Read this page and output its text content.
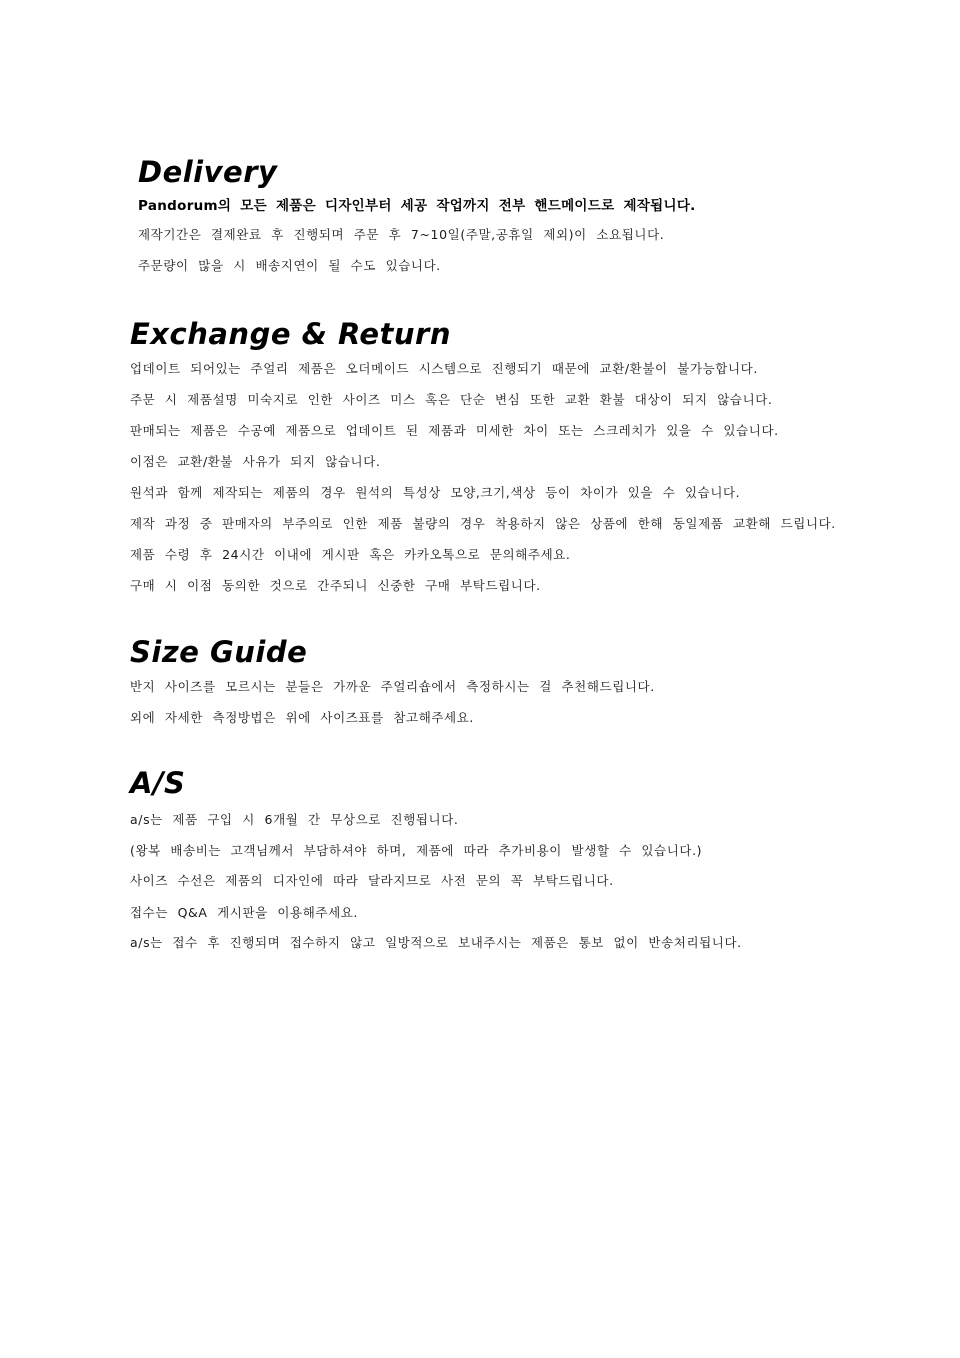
Delivery

Pandorum의 모든 제품은 디자인부터 세공 작업까지 전부 핸드메이드로 제작됩니다.

제작기간은 결제완료 후 진행되며 주문 후 7~10일(주말,공휴일 제외)이 소요됩니다.

주문량이 많을 시 배송지연이 될 수도 있습니다.

Exchange & Return

업데이트 되어있는 주얼리 제품은 오더메이드 시스템으로 진행되기 때문에 교환/환불이 불가능합니다.

주문 시 제품설명 미숙지로 인한 사이즈 미스 혹은 단순 변심 또한 교환 환불 대상이 되지 않습니다.

판매되는 제품은 수공예 제품으로 업데이트 된 제품과 미세한 차이 또는 스크레치가 있을 수 있습니다.

이점은 교환/환불 사유가 되지 않습니다.

원석과 함께 제작되는 제품의 경우 원석의 특성상 모양,크기,색상 등이 차이가 있을 수 있습니다.

제작 과정 중 판매자의 부주의로 인한 제품 불량의 경우 착용하지 않은 상품에 한해 동일제품 교환해 드립니다.

제품 수령 후 24시간 이내에 게시판 혹은 카카오톡으로 문의해주세요.

구매 시 이점 동의한 것으로 간주되니 신중한 구매 부탁드립니다.

Size Guide

반지 사이즈를 모르시는 분들은 가까운 주얼리숍에서 측정하시는 걸 추천해드립니다.

외에 자세한 측정방법은 위에 사이즈표를 참고해주세요.

A/S

a/s는 제품 구입 시 6개월 간 무상으로 진행됩니다.

(왕복 배송비는 고객님께서 부담하셔야 하며, 제품에 따라 추가비용이 발생할 수 있습니다.)

사이즈 수선은 제품의 디자인에 따라 달라지므로 사전 문의 꼭 부탁드립니다.

접수는 Q&A 게시판을 이용해주세요.

a/s는 접수 후 진행되며 접수하지 않고 일방적으로 보내주시는 제품은 통보 없이 반송처리됩니다.
